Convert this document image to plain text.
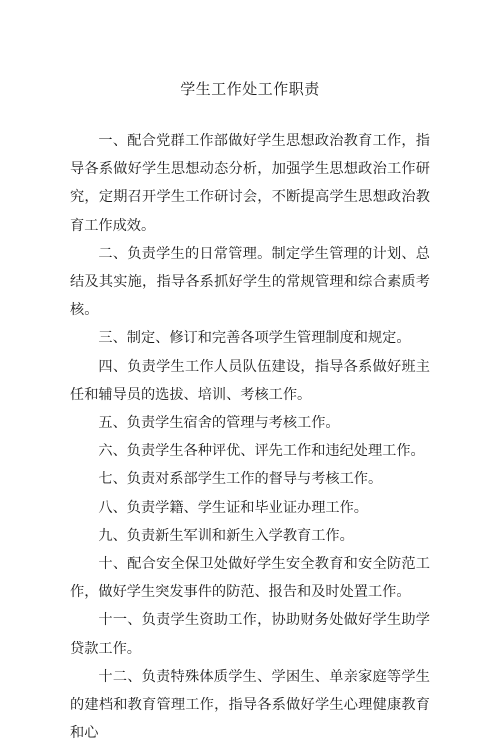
学生工作处工作职责

一、配合党群工作部做好学生思想政治教育工作，指导各系做好学生思想动态分析，加强学生思想政治工作研究，定期召开学生工作研讨会，不断提高学生思想政治教育工作成效。

二、负责学生的日常管理。制定学生管理的计划、总结及其实施，指导各系抓好学生的常规管理和综合素质考核。

三、制定、修订和完善各项学生管理制度和规定。

四、负责学生工作人员队伍建设，指导各系做好班主任和辅导员的选拔、培训、考核工作。

五、负责学生宿舍的管理与考核工作。

六、负责学生各种评优、评先工作和违纪处理工作。

七、负责对系部学生工作的督导与考核工作。

八、负责学籍、学生证和毕业证办理工作。

九、负责新生军训和新生入学教育工作。

十、配合安全保卫处做好学生安全教育和安全防范工作，做好学生突发事件的防范、报告和及时处置工作。

十一、负责学生资助工作，协助财务处做好学生助学贷款工作。

十二、负责特殊体质学生、学困生、单亲家庭等学生的建档和教育管理工作，指导各系做好学生心理健康教育和心
